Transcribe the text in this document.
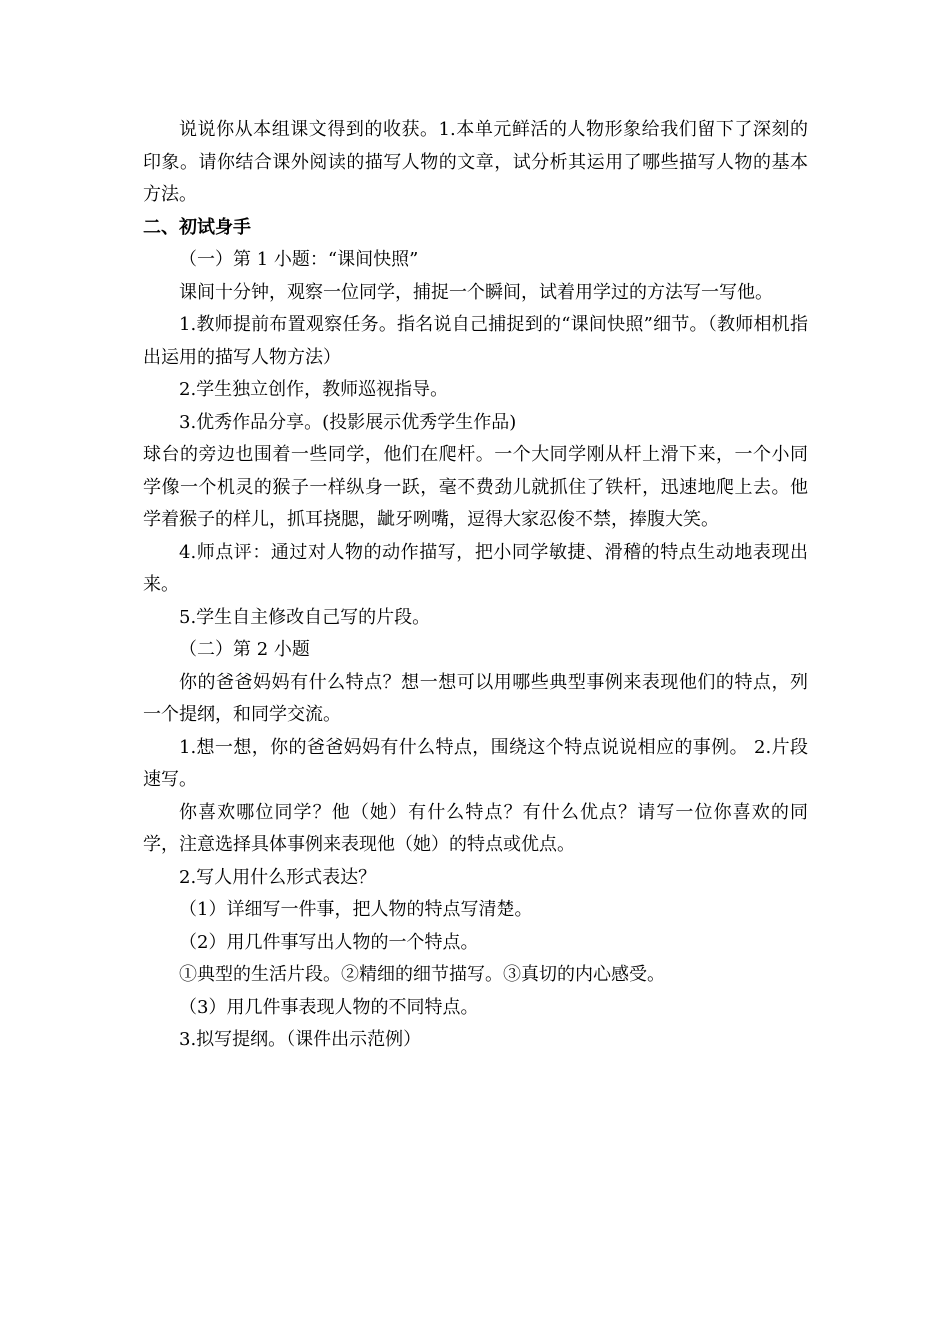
说说你从本组课文得到的收获。1.本单元鲜活的人物形象给我们留下了深刻的印象。请你结合课外阅读的描写人物的文章，试分析其运用了哪些描写人物的基本方法。

二、初试身手

（一）第 1 小题：“课间快照”

课间十分钟，观察一位同学，捕捉一个瞬间，试着用学过的方法写一写他。

1.教师提前布置观察任务。指名说自己捕捉到的“课间快照”细节。（教师相机指出运用的描写人物方法）

2.学生独立创作，教师巡视指导。

3.优秀作品分享。(投影展示优秀学生作品)

球台的旁边也围着一些同学，他们在爬杆。一个大同学刚从杆上滑下来，一个小同学像一个机灵的猴子一样纵身一跃，毫不费劲儿就抓住了铁杆，迅速地爬上去。他学着猴子的样儿，抓耳挠腮，龇牙咧嘴，逗得大家忍俊不禁，捧腹大笑。

4.师点评：通过对人物的动作描写，把小同学敏捷、滑稽的特点生动地表现出来。

5.学生自主修改自己写的片段。

（二）第 2 小题

你的爸爸妈妈有什么特点？想一想可以用哪些典型事例来表现他们的特点，列一个提纲，和同学交流。

1.想一想，你的爸爸妈妈有什么特点，围绕这个特点说说相应的事例。 2.片段速写。

你喜欢哪位同学？他（她）有什么特点？有什么优点？请写一位你喜欢的同学，注意选择具体事例来表现他（她）的特点或优点。

2.写人用什么形式表达？

（1）详细写一件事，把人物的特点写清楚。

（2）用几件事写出人物的一个特点。

①典型的生活片段。②精细的细节描写。③真切的内心感受。

（3）用几件事表现人物的不同特点。

3.拟写提纲。（课件出示范例）
